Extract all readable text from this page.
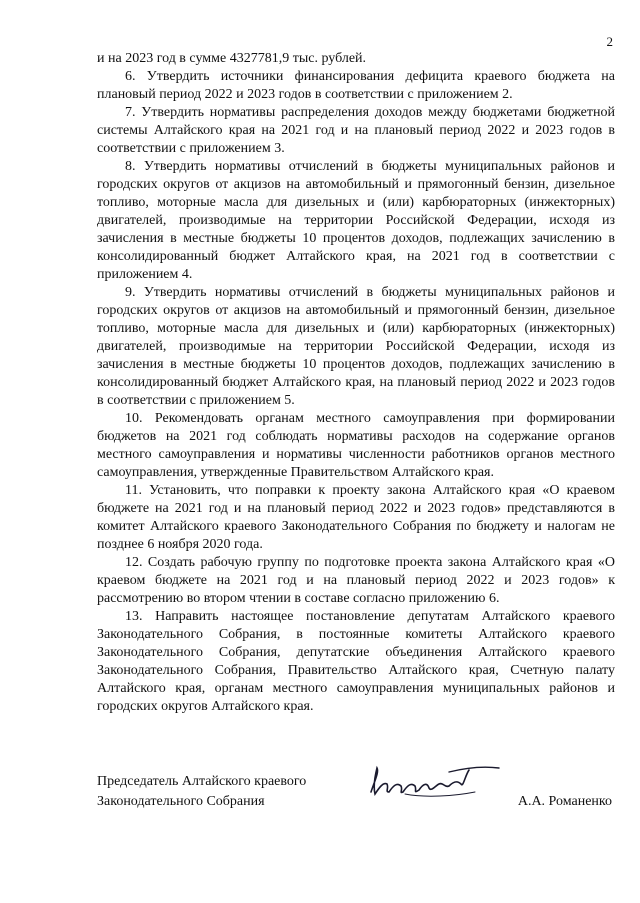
2

и на 2023 год в сумме 4327781,9 тыс. рублей.

6. Утвердить источники финансирования дефицита краевого бюджета на плановый период 2022 и 2023 годов в соответствии с приложением 2.

7. Утвердить нормативы распределения доходов между бюджетами бюджетной системы Алтайского края на 2021 год и на плановый период 2022 и 2023 годов в соответствии с приложением 3.

8. Утвердить нормативы отчислений в бюджеты муниципальных районов и городских округов от акцизов на автомобильный и прямогонный бензин, дизельное топливо, моторные масла для дизельных и (или) карбюраторных (инжекторных) двигателей, производимые на территории Российской Федерации, исходя из зачисления в местные бюджеты 10 процентов доходов, подлежащих зачислению в консолидированный бюджет Алтайского края, на 2021 год в соответствии с приложением 4.

9. Утвердить нормативы отчислений в бюджеты муниципальных районов и городских округов от акцизов на автомобильный и прямогонный бензин, дизельное топливо, моторные масла для дизельных и (или) карбюраторных (инжекторных) двигателей, производимые на территории Российской Федерации, исходя из зачисления в местные бюджеты 10 процентов доходов, подлежащих зачислению в консолидированный бюджет Алтайского края, на плановый период 2022 и 2023 годов в соответствии с приложением 5.

10. Рекомендовать органам местного самоуправления при формировании бюджетов на 2021 год соблюдать нормативы расходов на содержание органов местного самоуправления и нормативы численности работников органов местного самоуправления, утвержденные Правительством Алтайского края.

11. Установить, что поправки к проекту закона Алтайского края «О краевом бюджете на 2021 год и на плановый период 2022 и 2023 годов» представляются в комитет Алтайского краевого Законодательного Собрания по бюджету и налогам не позднее 6 ноября 2020 года.

12. Создать рабочую группу по подготовке проекта закона Алтайского края «О краевом бюджете на 2021 год и на плановый период 2022 и 2023 годов» к рассмотрению во втором чтении в составе согласно приложению 6.

13. Направить настоящее постановление депутатам Алтайского краевого Законодательного Собрания, в постоянные комитеты Алтайского краевого Законодательного Собрания, депутатские объединения Алтайского краевого Законодательного Собрания, Правительство Алтайского края, Счетную палату Алтайского края, органам местного самоуправления муниципальных районов и городских округов Алтайского края.

Председатель Алтайского краевого
Законодательного Собрания	А.А. Романенко
